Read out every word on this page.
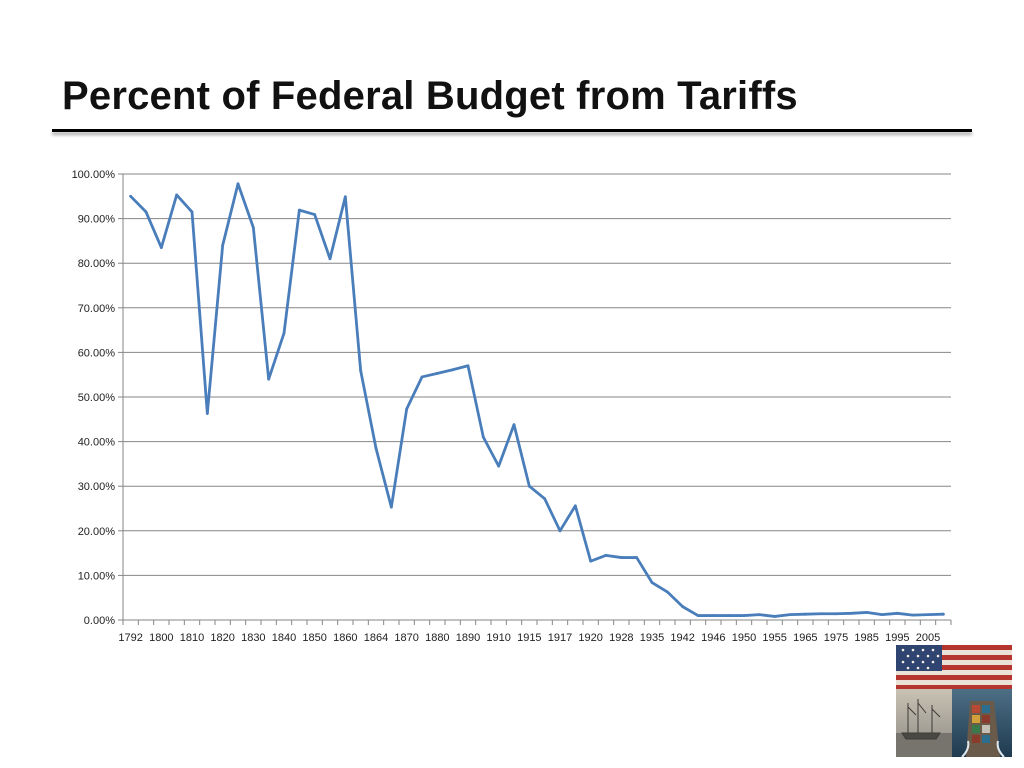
Percent of Federal Budget from Tariffs
0.00%
10.00%
20.00%
30.00%
40.00%
50.00%
60.00%
70.00%
80.00%
90.00%
100.00%
1792 1800 1810 1820 1830 1840 1850 1860 1864 1870 1880 1890 1910 1915 1917 1920 1928 1935 1942 1946 1950 1955 1965 1975 1985 1995 2005
